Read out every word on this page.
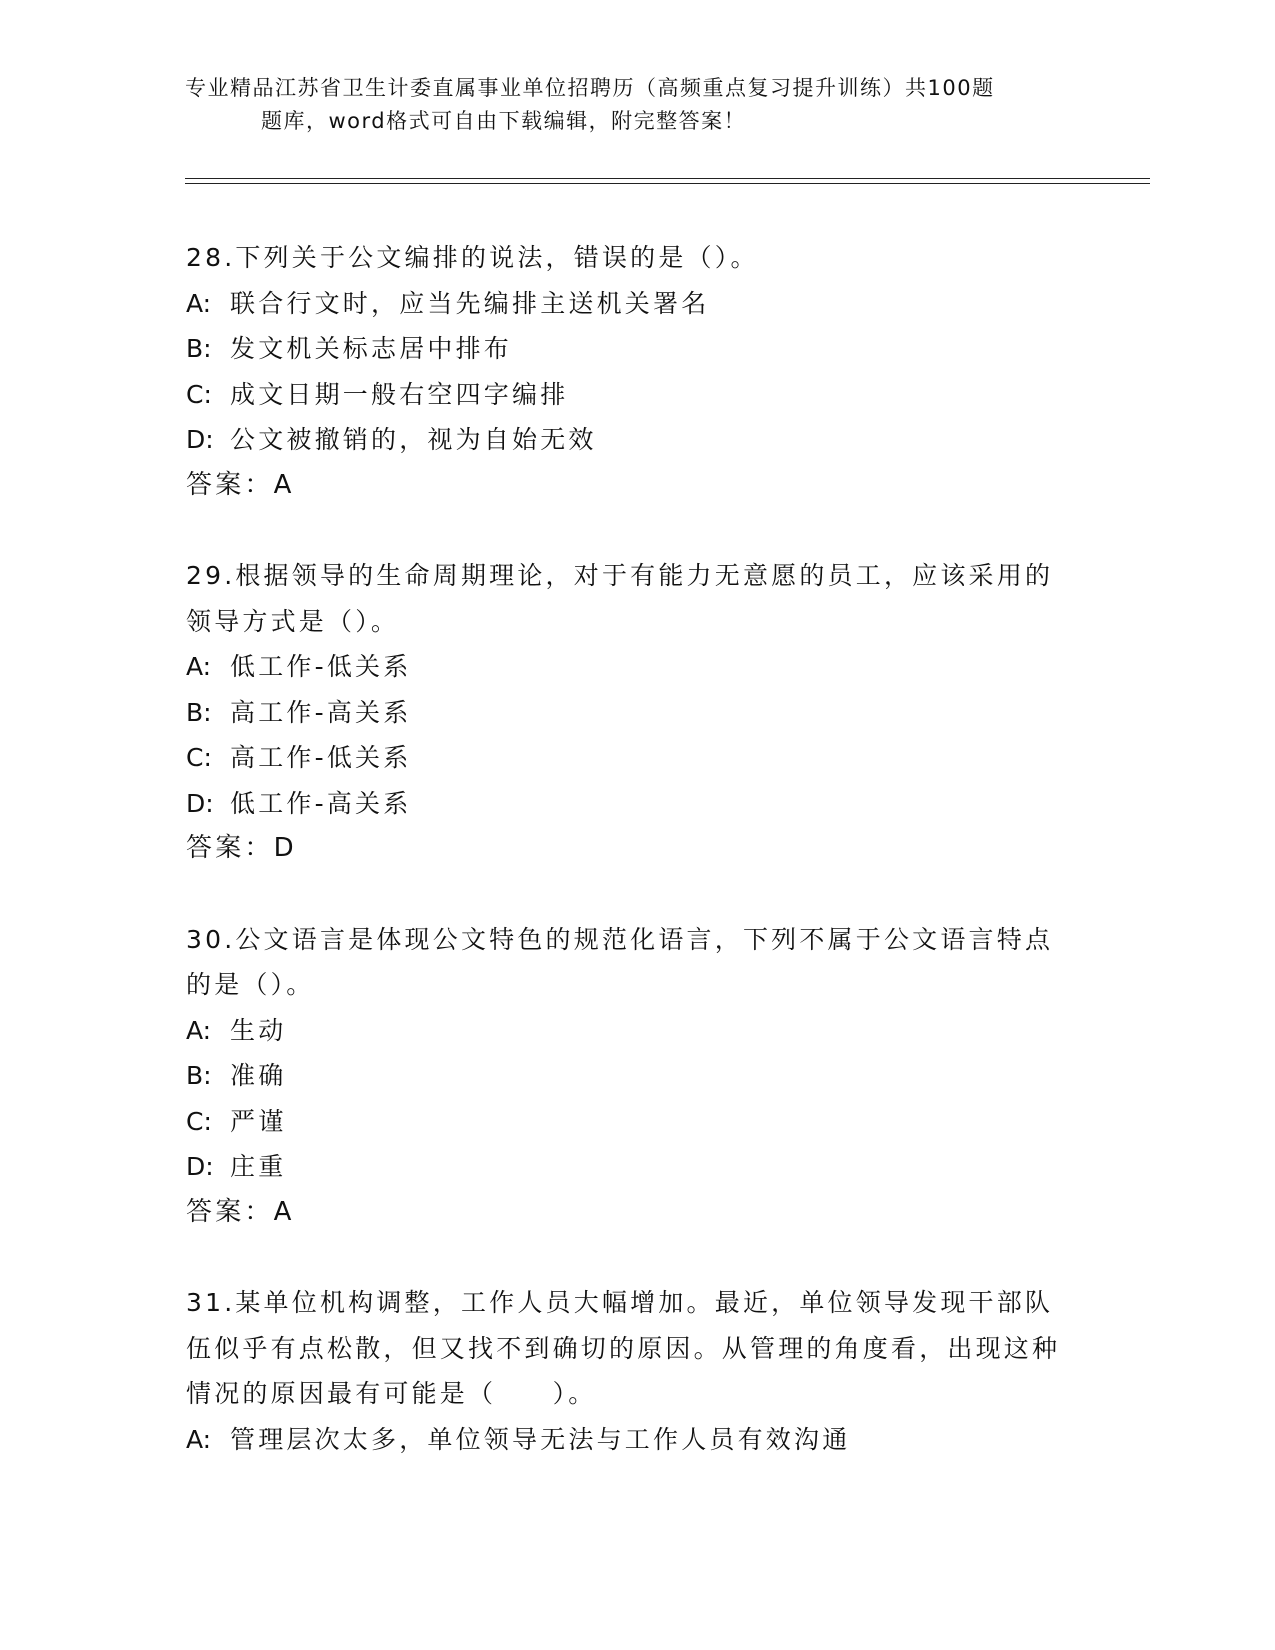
专业精品江苏省卫生计委直属事业单位招聘历（高频重点复习提升训练）共100题
题库，word格式可自由下载编辑，附完整答案！
28.下列关于公文编排的说法，错误的是（）。
A: 联合行文时，应当先编排主送机关署名
B: 发文机关标志居中排布
C: 成文日期一般右空四字编排
D: 公文被撤销的，视为自始无效
答案：A
29.根据领导的生命周期理论，对于有能力无意愿的员工，应该采用的领导方式是（）。
A: 低工作-低关系
B: 高工作-高关系
C: 高工作-低关系
D: 低工作-高关系
答案：D
30.公文语言是体现公文特色的规范化语言，下列不属于公文语言特点的是（）。
A: 生动
B: 准确
C: 严谨
D: 庄重
答案：A
31.某单位机构调整，工作人员大幅增加。最近，单位领导发现干部队伍似乎有点松散，但又找不到确切的原因。从管理的角度看，出现这种情况的原因最有可能是（　　）。
A: 管理层次太多，单位领导无法与工作人员有效沟通
